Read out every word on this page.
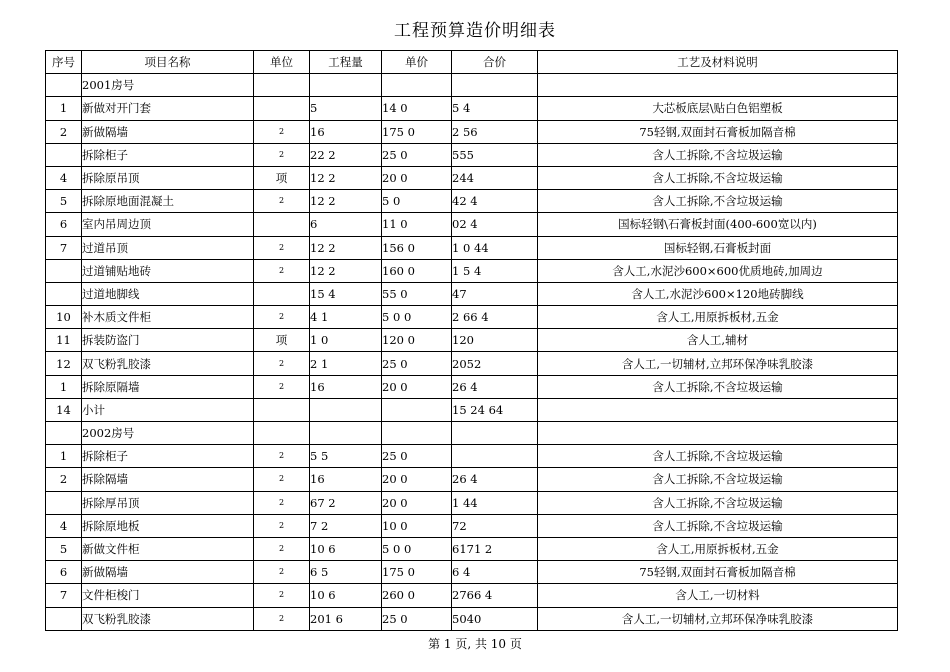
工程预算造价明细表
序号	项目名称	单位	工程量	单价	合价	工艺及材料说明
	2001房号					
1	新做对开门套		5	14 0	5 4	大芯板底层\贴白色铝塑板
2	新做隔墙	2	16	175 0	2 56	75轻钢,双面封石膏板加隔音棉
	拆除柜子	2	22 2	25 0	555	含人工拆除,不含垃圾运输
4	拆除原吊顶	项	12 2	20 0	244	含人工拆除,不含垃圾运输
5	拆除原地面混凝土	2	12 2	5 0	42 4	含人工拆除,不含垃圾运输
6	室内吊周边顶		6	11 0	02 4	国标轻钢\石膏板封面(400-600宽以内)
7	过道吊顶	2	12 2	156 0	1 0 44	国标轻钢,石膏板封面
	过道铺贴地砖	2	12 2	160 0	1 5 4	含人工,水泥沙600×600优质地砖,加周边
	过道地脚线		15 4	55 0	47	含人工,水泥沙600×120地砖脚线
10	补木质文件柜	2	4 1	5 0 0	2 66 4	含人工,用原拆板材,五金
11	拆装防盗门	项	1 0	120 0	120	含人工,辅材
12	双飞粉乳胶漆	2	2 1	25 0	2052	含人工,一切辅材,立邦环保净味乳胶漆
1	拆除原隔墙	2	16	20 0	26 4	含人工拆除,不含垃圾运输
14	小计				15 24 64	
	2002房号					
1	拆除柜子	2	5 5	25 0		含人工拆除,不含垃圾运输
2	拆除隔墙	2	16	20 0	26 4	含人工拆除,不含垃圾运输
	拆除厚吊顶	2	67 2	20 0	1 44	含人工拆除,不含垃圾运输
4	拆除原地板	2	7 2	10 0	72	含人工拆除,不含垃圾运输
5	新做文件柜	2	10 6	5 0 0	6171 2	含人工,用原拆板材,五金
6	新做隔墙	2	6 5	175 0	6 4	75轻钢,双面封石膏板加隔音棉
7	文件柜梭门	2	10 6	260 0	2766 4	含人工,一切材料
	双飞粉乳胶漆	2	201 6	25 0	5040	含人工,一切辅材,立邦环保净味乳胶漆
第 1 页, 共 10 页
